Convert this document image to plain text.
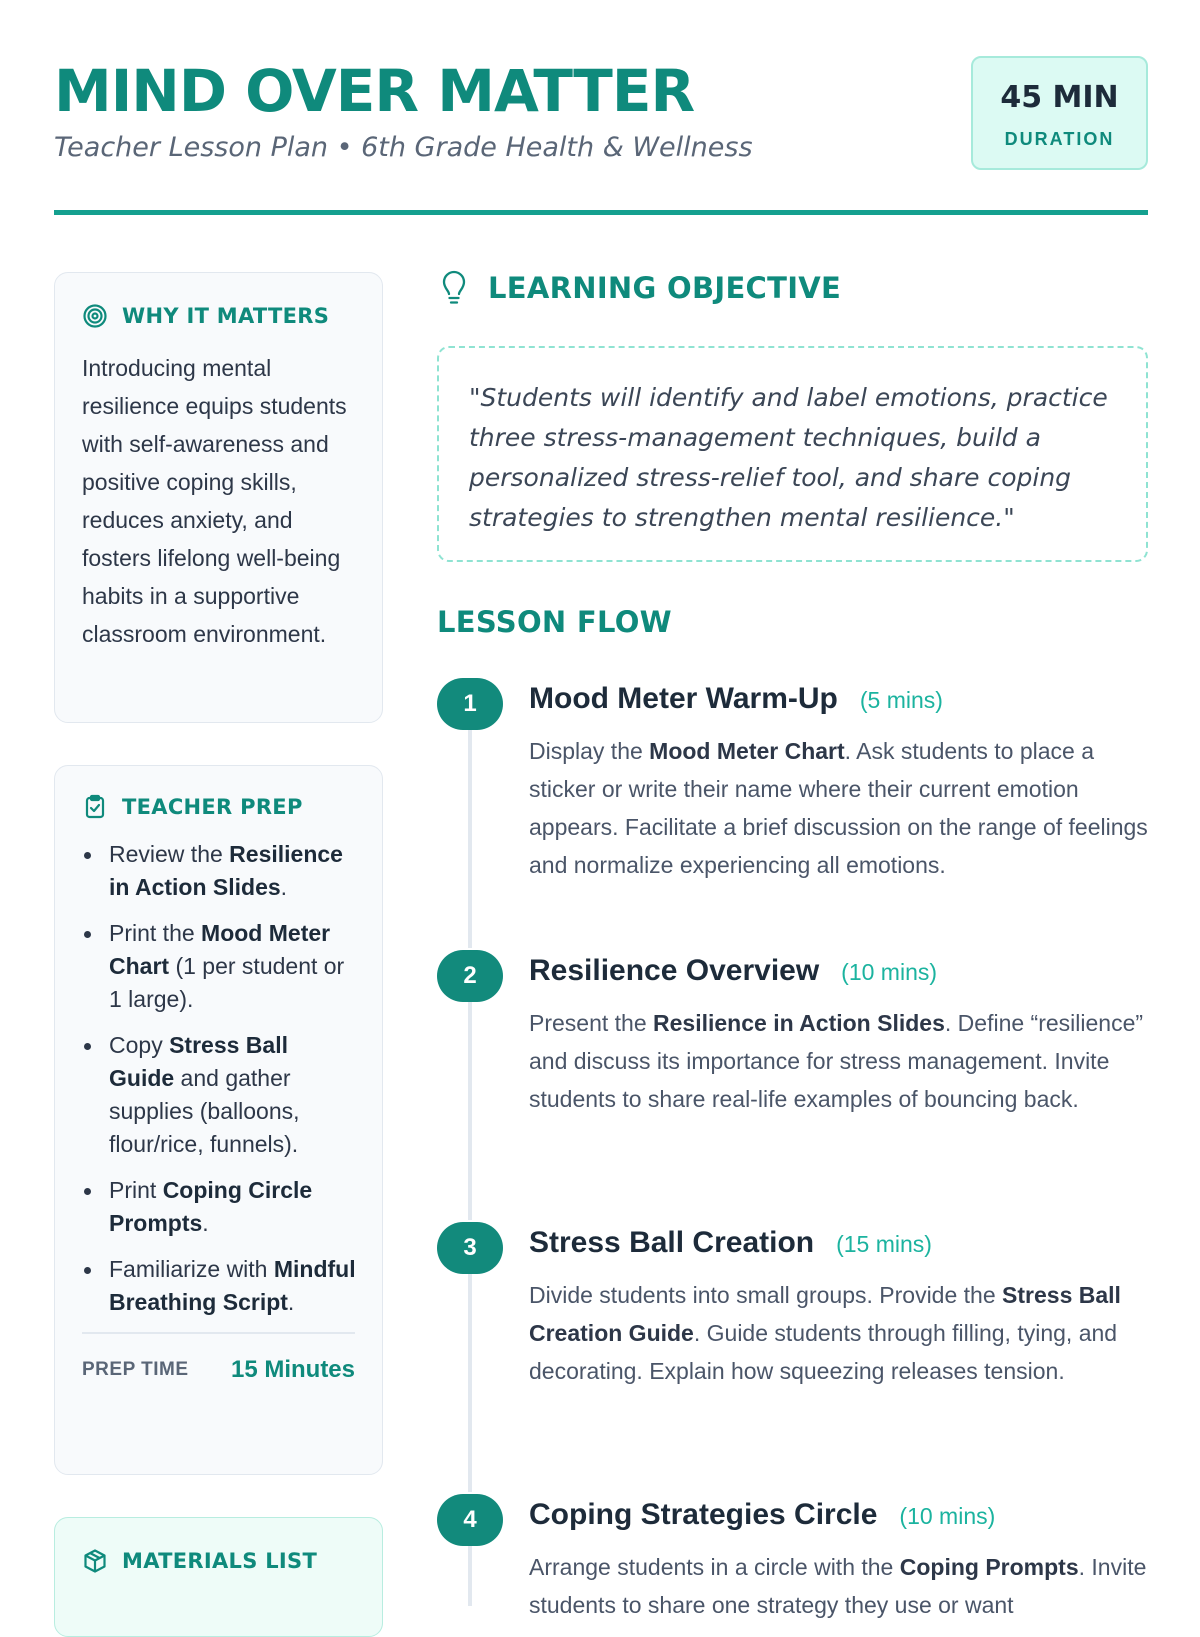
MIND OVER MATTER
Teacher Lesson Plan • 6th Grade Health & Wellness
45 MIN
DURATION
WHY IT MATTERS

Introducing mental resilience equips students with self-awareness and positive coping skills, reduces anxiety, and fosters lifelong well-being habits in a supportive classroom environment.

TEACHER PREP
Review the Resilience in Action Slides.
Print the Mood Meter Chart (1 per student or 1 large).
Copy Stress Ball Guide and gather supplies (balloons, flour/rice, funnels).
Print Coping Circle Prompts.
Familiarize with Mindful Breathing Script.
PREP TIME 15 Minutes
MATERIALS LIST
LEARNING OBJECTIVE

"Students will identify and label emotions, practice three stress-management techniques, build a personalized stress-relief tool, and share coping strategies to strengthen mental resilience."

LESSON FLOW
1	Mood Meter Warm-Up (5 mins)
Display the Mood Meter Chart. Ask students to place a sticker or write their name where their current emotion appears. Facilitate a brief discussion on the range of feelings and normalize experiencing all emotions.
2	Resilience Overview (10 mins)
Present the Resilience in Action Slides. Define “resilience” and discuss its importance for stress management. Invite students to share real-life examples of bouncing back.
3	Stress Ball Creation (15 mins)
Divide students into small groups. Provide the Stress Ball Creation Guide. Guide students through filling, tying, and decorating. Explain how squeezing releases tension.
4	Coping Strategies Circle (10 mins)
Arrange students in a circle with the Coping Prompts. Invite students to share one strategy they use or want
